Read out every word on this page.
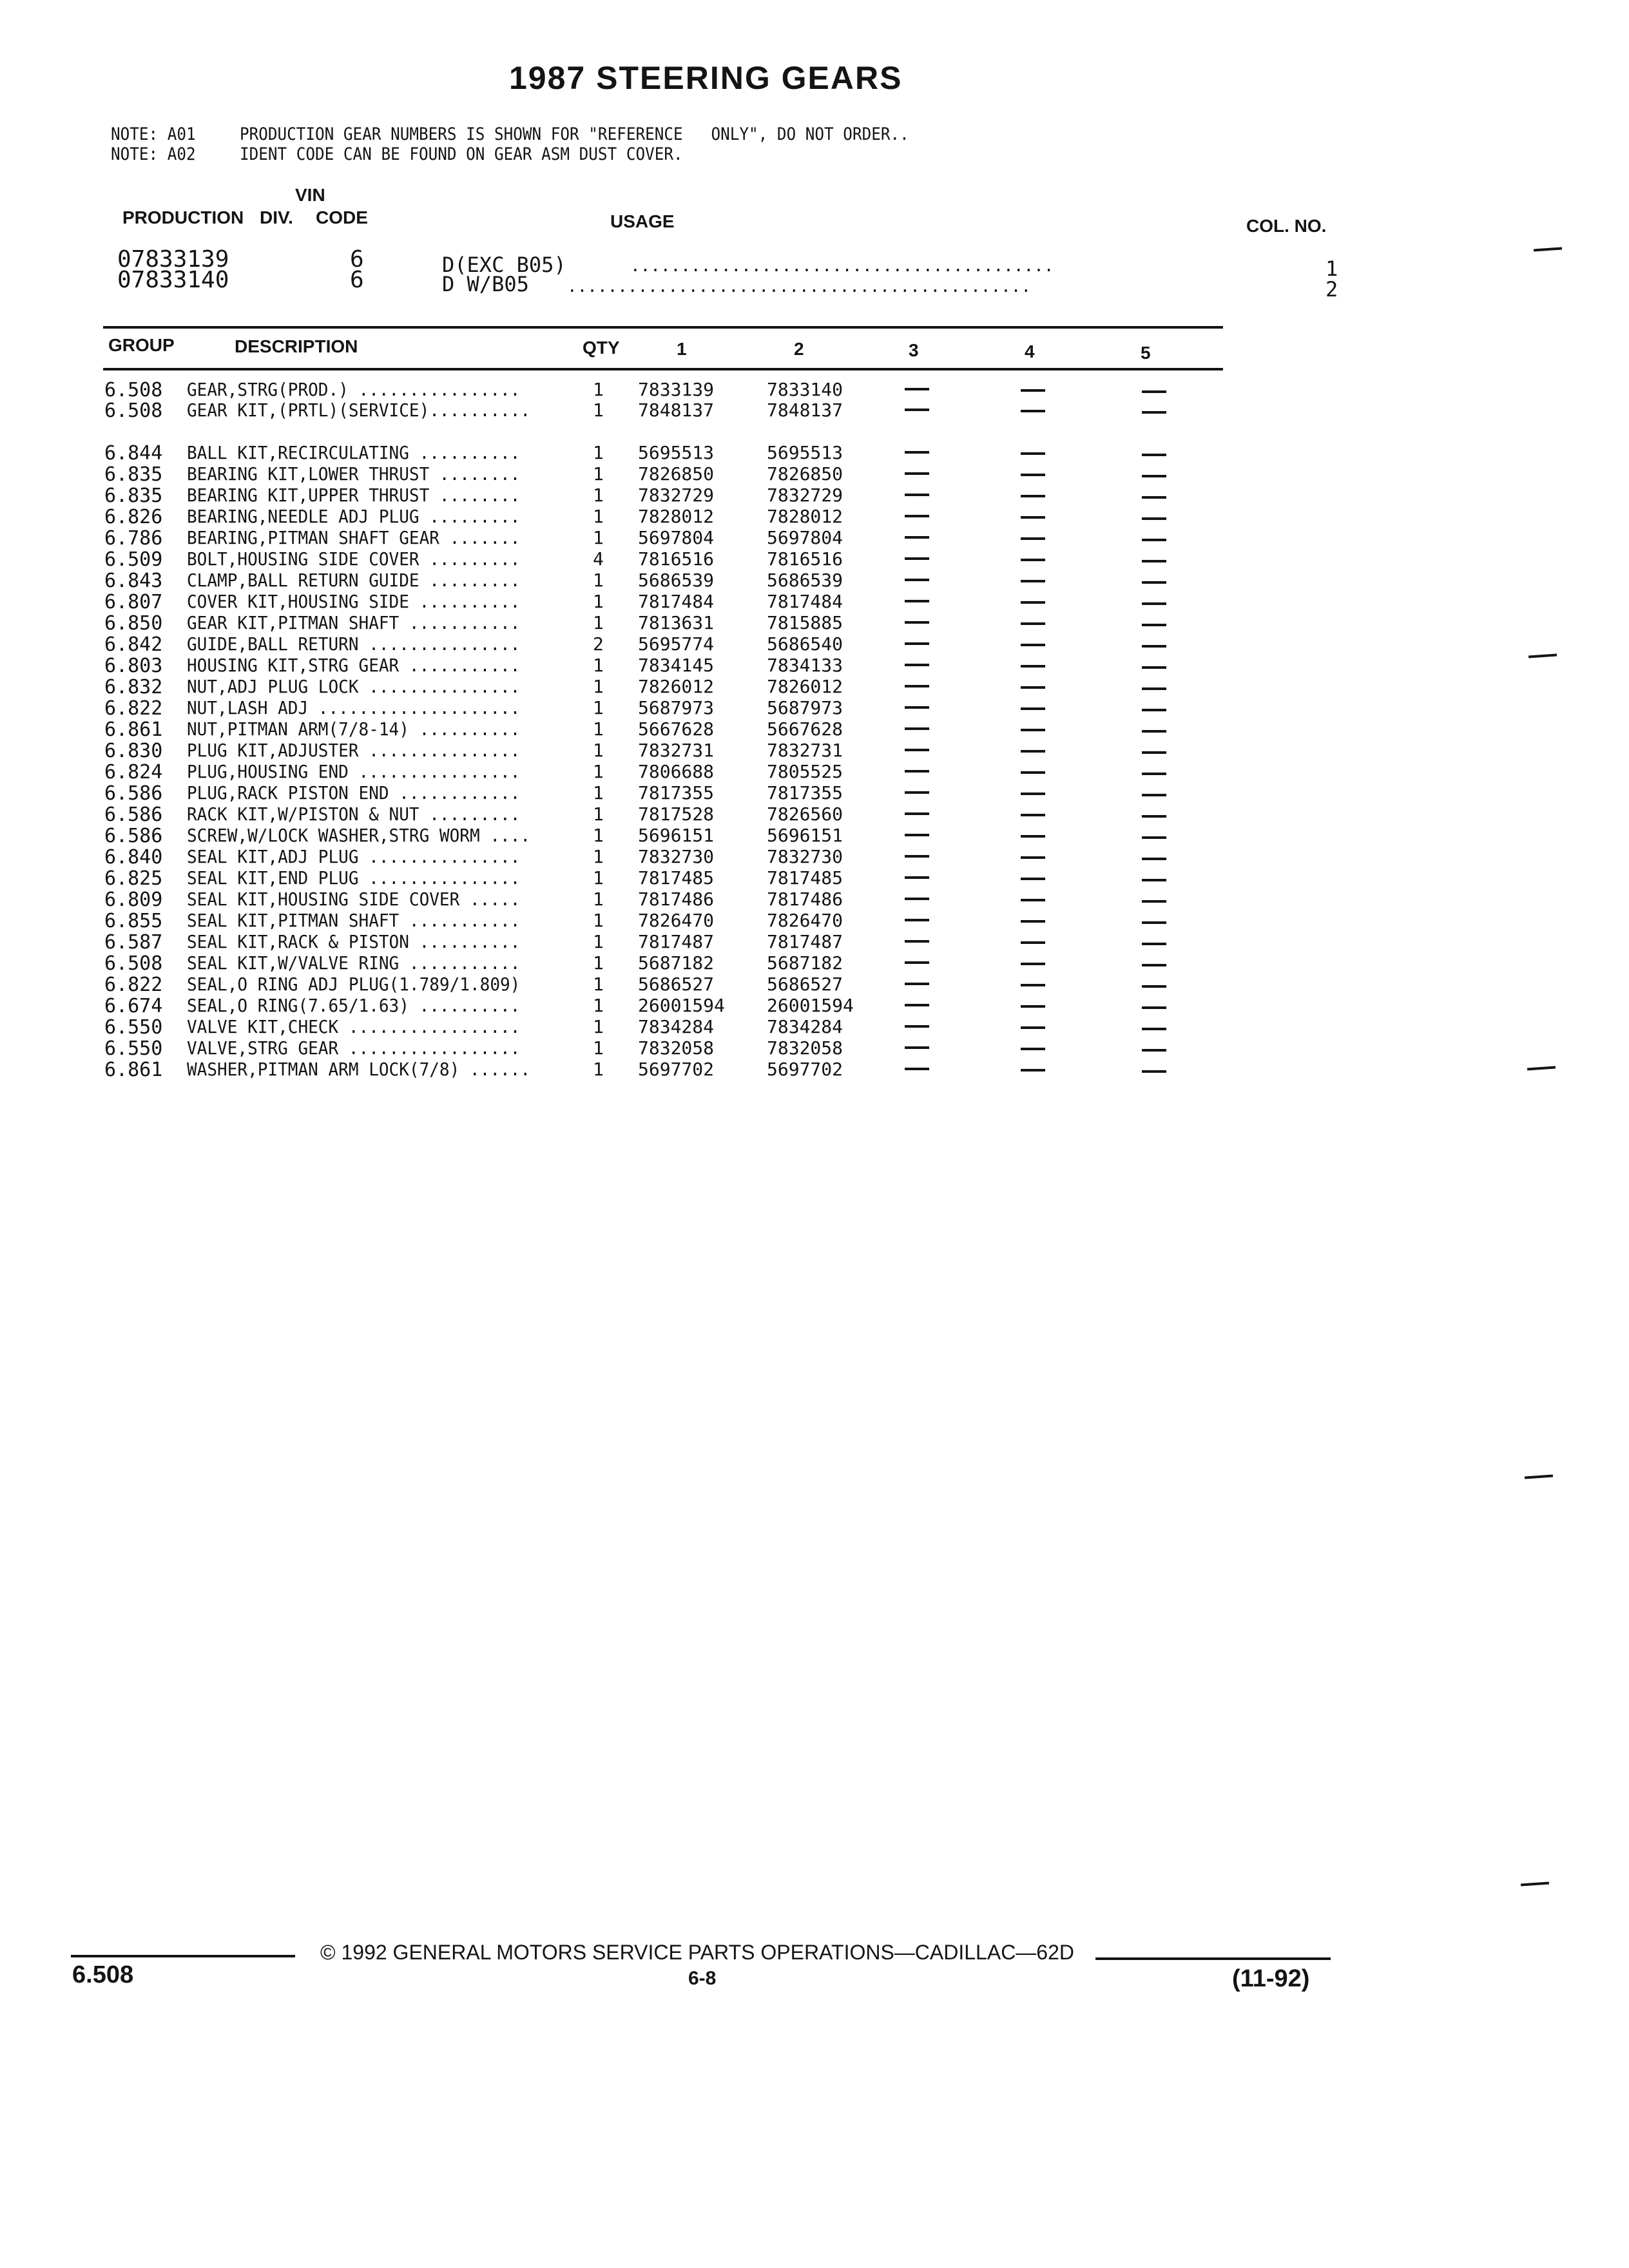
1987 STEERING GEARS
NOTE: A01	PRODUCTION GEAR NUMBERS IS SHOWN FOR "REFERENCE   ONLY", DO NOT ORDER..
NOTE: A02	IDENT CODE CAN BE FOUND ON GEAR ASM DUST COVER.
VIN
PRODUCTION DIV. CODE	USAGE	COL. NO.
07833139	6	D(EXC B05)	..........................................	1
07833140	6	D W/B05 ..............................................	2
GROUP	DESCRIPTION	QTY	1	2	3	4	5
6.508 GEAR,STRG(PROD.) ................	1 7833139	7833140
6.508 GEAR KIT,(PRTL)(SERVICE)..........	1 7848137	7848137
6.844 BALL KIT,RECIRCULATING ..........	1 5695513	5695513
6.835 BEARING KIT,LOWER THRUST ........	1 7826850	7826850
6.835 BEARING KIT,UPPER THRUST ........	1 7832729	7832729
6.826 BEARING,NEEDLE ADJ PLUG .........	1 7828012	7828012
6.786 BEARING,PITMAN SHAFT GEAR .......	1 5697804	5697804
6.509 BOLT,HOUSING SIDE COVER .........	4 7816516	7816516
6.843 CLAMP,BALL RETURN GUIDE .........	1 5686539	5686539
6.807 COVER KIT,HOUSING SIDE ..........	1 7817484	7817484
6.850 GEAR KIT,PITMAN SHAFT ...........	1 7813631	7815885
6.842 GUIDE,BALL RETURN ...............	2 5695774	5686540
6.803 HOUSING KIT,STRG GEAR ...........	1 7834145	7834133
6.832 NUT,ADJ PLUG LOCK ...............	1 7826012	7826012
6.822 NUT,LASH ADJ ....................	1 5687973	5687973
6.861 NUT,PITMAN ARM(7/8-14) ..........	1 5667628	5667628
6.830 PLUG KIT,ADJUSTER ...............	1 7832731	7832731
6.824 PLUG,HOUSING END ................	1 7806688	7805525
6.586 PLUG,RACK PISTON END ............	1 7817355	7817355
6.586 RACK KIT,W/PISTON & NUT .........	1 7817528	7826560
6.586 SCREW,W/LOCK WASHER,STRG WORM ....	1 5696151	5696151
6.840 SEAL KIT,ADJ PLUG ...............	1 7832730	7832730
6.825 SEAL KIT,END PLUG ...............	1 7817485	7817485
6.809 SEAL KIT,HOUSING SIDE COVER .....	1 7817486	7817486
6.855 SEAL KIT,PITMAN SHAFT ...........	1 7826470	7826470
6.587 SEAL KIT,RACK & PISTON ..........	1 7817487	7817487
6.508 SEAL KIT,W/VALVE RING ...........	1 5687182	5687182
6.822 SEAL,O RING ADJ PLUG(1.789/1.809)	1 5686527	5686527
6.674 SEAL,O RING(7.65/1.63) ..........	1 26001594 26001594
6.550 VALVE KIT,CHECK .................	1 7834284	7834284
6.550 VALVE,STRG GEAR .................	1 7832058	7832058
6.861 WASHER,PITMAN ARM LOCK(7/8) ......	1 5697702	5697702
© 1992 GENERAL MOTORS SERVICE PARTS OPERATIONS—CADILLAC—62D
6.508	6-8	(11-92)
